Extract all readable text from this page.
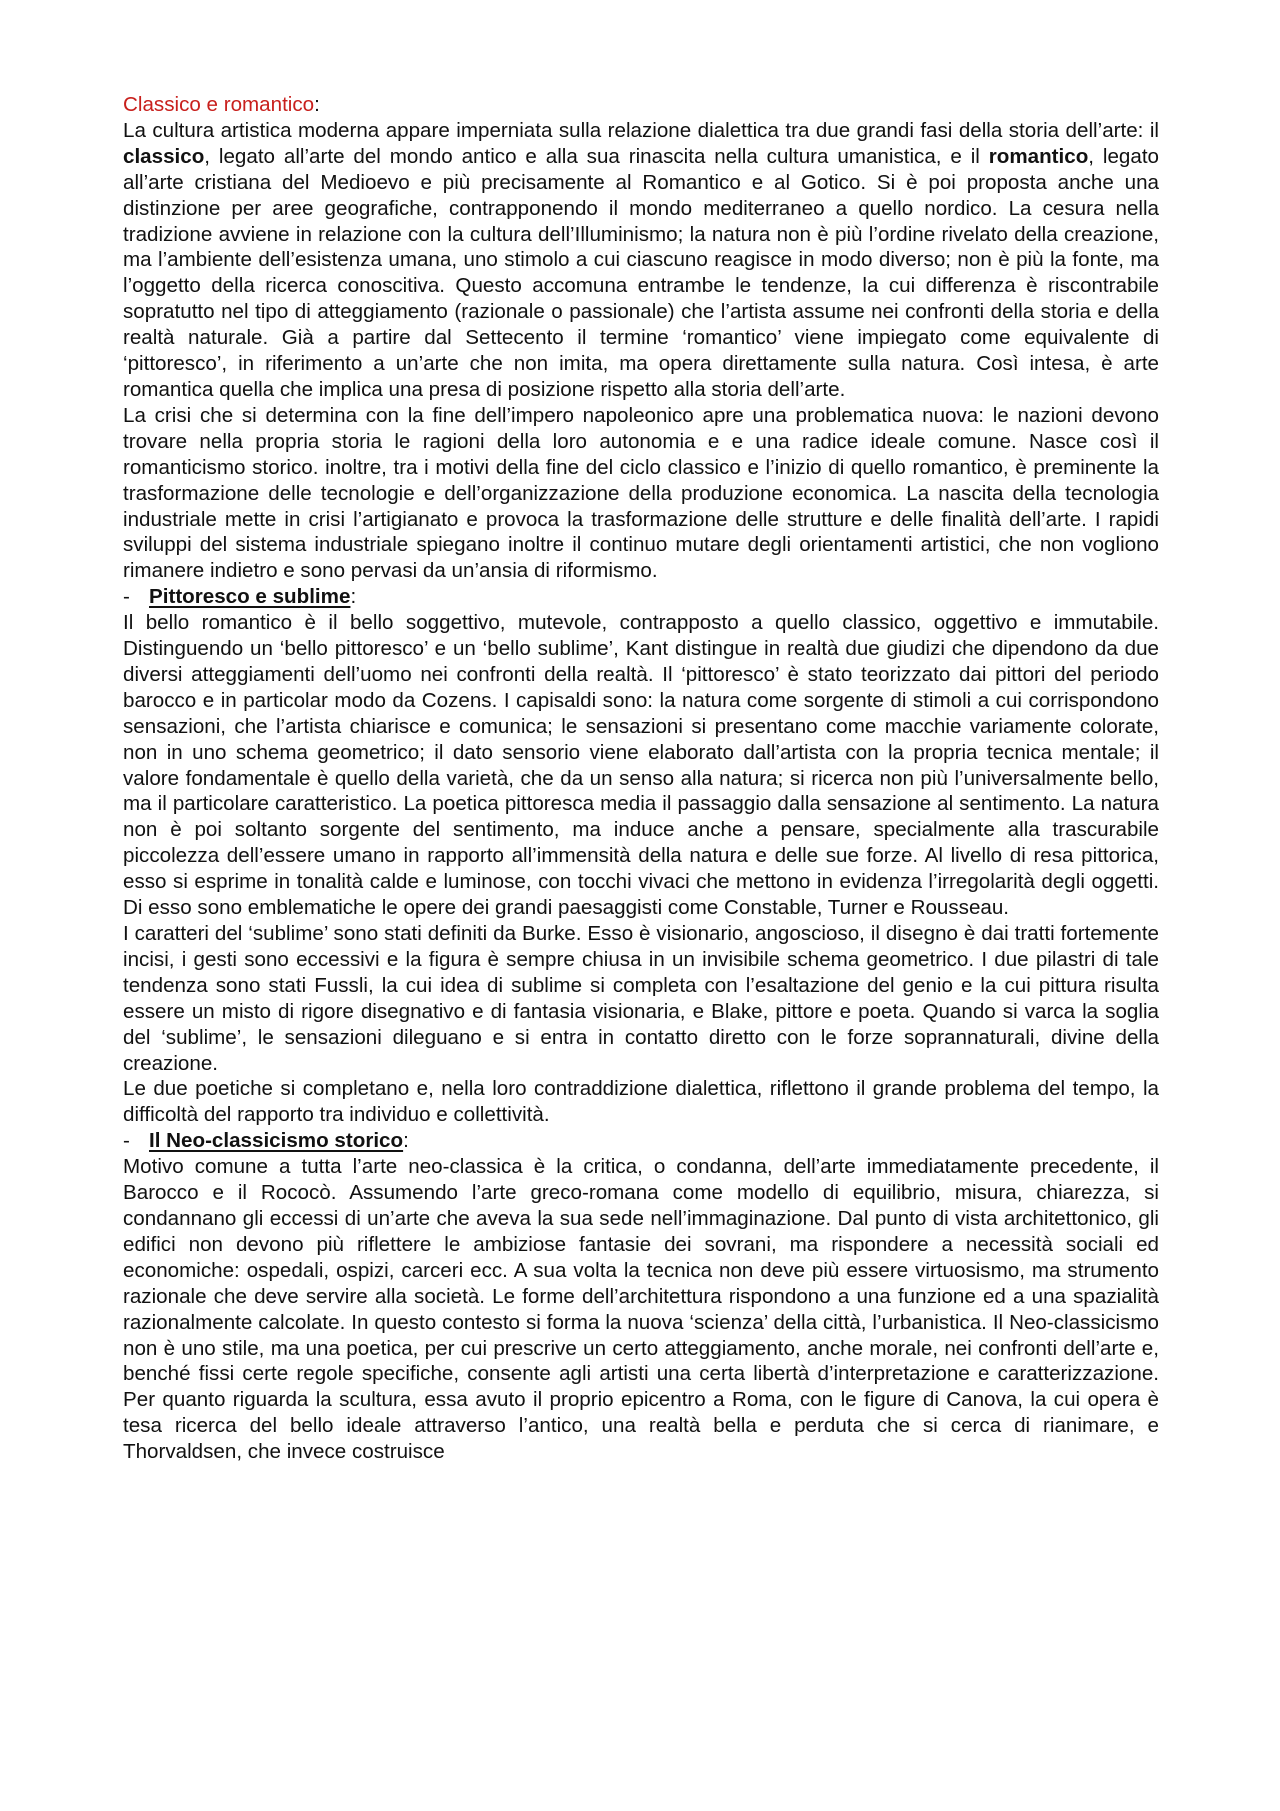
Classico e romantico:

La cultura artistica moderna appare imperniata sulla relazione dialettica tra due grandi fasi della storia dell’arte: il classico, legato all’arte del mondo antico e alla sua rinascita nella cultura umanistica, e il romantico, legato all’arte cristiana del Medioevo e più precisamente al Romantico e al Gotico. Si è poi proposta anche una distinzione per aree geografiche, contrapponendo il mondo mediterraneo a quello nordico. La cesura nella tradizione avviene in relazione con la cultura dell’Illuminismo; la natura non è più l’ordine rivelato della creazione, ma l’ambiente dell’esistenza umana, uno stimolo a cui ciascuno reagisce in modo diverso; non è più la fonte, ma l’oggetto della ricerca conoscitiva. Questo accomuna entrambe le tendenze, la cui differenza è riscontrabile sopratutto nel tipo di atteggiamento (razionale o passionale) che l’artista assume nei confronti della storia e della realtà naturale. Già a partire dal Settecento il termine ‘romantico’ viene impiegato come equivalente di ‘pittoresco’, in riferimento a un’arte che non imita, ma opera direttamente sulla natura. Così intesa, è arte romantica quella che implica una presa di posizione rispetto alla storia dell’arte.

La crisi che si determina con la fine dell’impero napoleonico apre una problematica nuova: le nazioni devono trovare nella propria storia le ragioni della loro autonomia e e una radice ideale comune. Nasce così il romanticismo storico. inoltre, tra i motivi della fine del ciclo classico e l’inizio di quello romantico, è preminente la trasformazione delle tecnologie e dell’organizzazione della produzione economica. La nascita della tecnologia industriale mette in crisi l’artigianato e provoca la trasformazione delle strutture e delle finalità dell’arte. I rapidi sviluppi del sistema industriale spiegano inoltre il continuo mutare degli orientamenti artistici, che non vogliono rimanere indietro e sono pervasi da un’ansia di riformismo.

- Pittoresco e sublime:

Il bello romantico è il bello soggettivo, mutevole, contrapposto a quello classico, oggettivo e immutabile. Distinguendo un ‘bello pittoresco’ e un ‘bello sublime’, Kant distingue in realtà due giudizi che dipendono da due diversi atteggiamenti dell’uomo nei confronti della realtà. Il ‘pittoresco’ è stato teorizzato dai pittori del periodo barocco e in particolar modo da Cozens. I capisaldi sono: la natura come sorgente di stimoli a cui corrispondono sensazioni, che l’artista chiarisce e comunica; le sensazioni si presentano come macchie variamente colorate, non in uno schema geometrico; il dato sensorio viene elaborato dall’artista con la propria tecnica mentale; il valore fondamentale è quello della varietà, che da un senso alla natura; si ricerca non più l’universalmente bello, ma il particolare caratteristico. La poetica pittoresca media il passaggio dalla sensazione al sentimento. La natura non è poi soltanto sorgente del sentimento, ma induce anche a pensare, specialmente alla trascurabile piccolezza dell’essere umano in rapporto all’immensità della natura e delle sue forze. Al livello di resa pittorica, esso si esprime in tonalità calde e luminose, con tocchi vivaci che mettono in evidenza l’irregolarità degli oggetti. Di esso sono emblematiche le opere dei grandi paesaggisti come Constable, Turner e Rousseau.

I caratteri del ‘sublime’ sono stati definiti da Burke. Esso è visionario, angoscioso, il disegno è dai tratti fortemente incisi, i gesti sono eccessivi e la figura è sempre chiusa in un invisibile schema geometrico. I due pilastri di tale tendenza sono stati Fussli, la cui idea di sublime si completa con l’esaltazione del genio e la cui pittura risulta essere un misto di rigore disegnativo e di fantasia visionaria, e Blake, pittore e poeta. Quando si varca la soglia del ‘sublime’, le sensazioni dileguano e si entra in contatto diretto con le forze soprannaturali, divine della creazione.

Le due poetiche si completano e, nella loro contraddizione dialettica, riflettono il grande problema del tempo, la difficoltà del rapporto tra individuo e collettività.

- Il Neo-classicismo storico:

Motivo comune a tutta l’arte neo-classica è la critica, o condanna, dell’arte immediatamente precedente, il Barocco e il Rococò. Assumendo l’arte greco-romana come modello di equilibrio, misura, chiarezza, si condannano gli eccessi di un’arte che aveva la sua sede nell’immaginazione. Dal punto di vista architettonico, gli edifici non devono più riflettere le ambiziose fantasie dei sovrani, ma rispondere a necessità sociali ed economiche: ospedali, ospizi, carceri ecc. A sua volta la tecnica non deve più essere virtuosismo, ma strumento razionale che deve servire alla società. Le forme dell’architettura rispondono a una funzione ed a una spazialità razionalmente calcolate. In questo contesto si forma la nuova ‘scienza’ della città, l’urbanistica. Il Neo-classicismo non è uno stile, ma una poetica, per cui prescrive un certo atteggiamento, anche morale, nei confronti dell’arte e, benché fissi certe regole specifiche, consente agli artisti una certa libertà d’interpretazione e caratterizzazione. Per quanto riguarda la scultura, essa avuto il proprio epicentro a Roma, con le figure di Canova, la cui opera è tesa ricerca del bello ideale attraverso l’antico, una realtà bella e perduta che si cerca di rianimare, e Thorvaldsen, che invece costruisce
